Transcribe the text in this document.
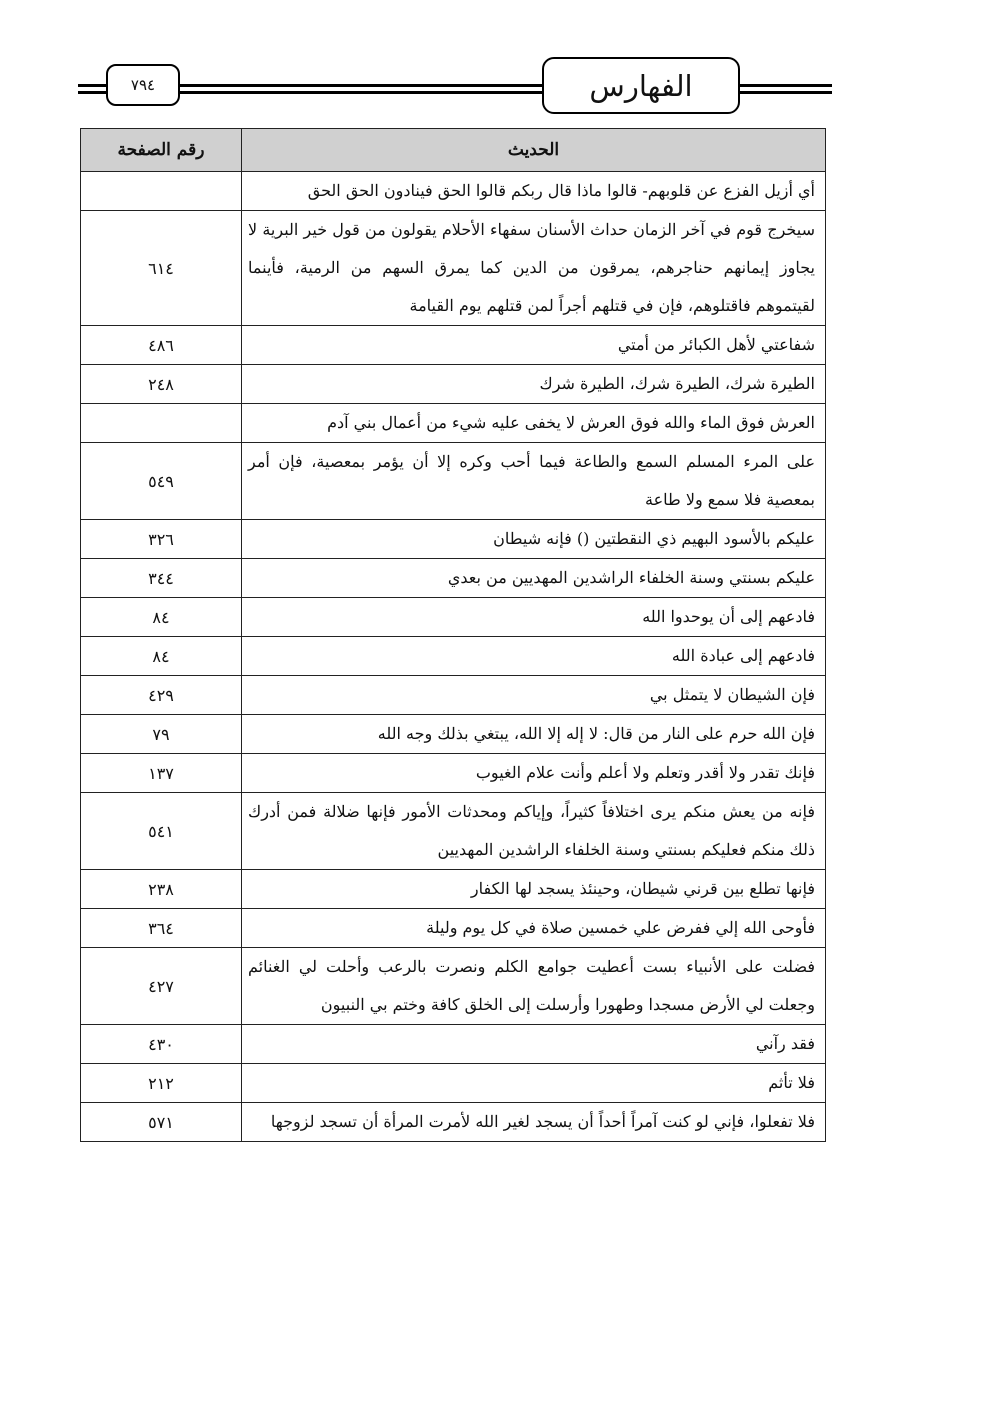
٧٩٤	الفهارس
الحديث	رقم الصفحة
أي أزيل الفزع عن قلوبهم- قالوا ماذا قال ربكم قالوا الحق فينادون الحق الحق	
سيخرج قوم في آخر الزمان حداث الأسنان سفهاء الأحلام يقولون من قول خير البرية لا يجاوز إيمانهم حناجرهم، يمرقون من الدين كما يمرق السهم من الرمية، فأينما لقيتموهم فاقتلوهم، فإن في قتلهم أجراً لمن قتلهم يوم القيامة	٦١٤
شفاعتي لأهل الكبائر من أمتي	٤٨٦
الطيرة شرك، الطيرة شرك، الطيرة شرك	٢٤٨
العرش فوق الماء والله فوق العرش لا يخفى عليه شيء من أعمال بني آدم	
على المرء المسلم السمع والطاعة فيما أحب وكره إلا أن يؤمر بمعصية، فإن أمر بمعصية فلا سمع ولا طاعة	٥٤٩
عليكم بالأسود البهيم ذي النقطتين () فإنه شيطان	٣٢٦
عليكم بسنتي وسنة الخلفاء الراشدين المهديين من بعدي	٣٤٤
فادعهم إلى أن يوحدوا الله	٨٤
فادعهم إلى عبادة الله	٨٤
فإن الشيطان لا يتمثل بي	٤٢٩
فإن الله حرم على النار من قال: لا إله إلا الله، يبتغي بذلك وجه الله	٧٩
فإنك تقدر ولا أقدر وتعلم ولا أعلم وأنت علام الغيوب	١٣٧
فإنه من يعش منكم يرى اختلافاً كثيراً، وإياكم ومحدثات الأمور فإنها ضلالة فمن أدرك ذلك منكم فعليكم بسنتي وسنة الخلفاء الراشدين المهديين	٥٤١
فإنها تطلع بين قرني شيطان، وحينئذ يسجد لها الكفار	٢٣٨
فأوحى الله إلي ففرض علي خمسين صلاة في كل يوم وليلة	٣٦٤
فضلت على الأنبياء بست أعطيت جوامع الكلم ونصرت بالرعب وأحلت لي الغنائم وجعلت لي الأرض مسجدا وطهورا وأرسلت إلى الخلق كافة وختم بي النبيون	٤٢٧
فقد رآني	٤٣٠
فلا تأثم	٢١٢
فلا تفعلوا، فإني لو كنت آمراً أحداً أن يسجد لغير الله لأمرت المرأة أن تسجد لزوجها	٥٧١
